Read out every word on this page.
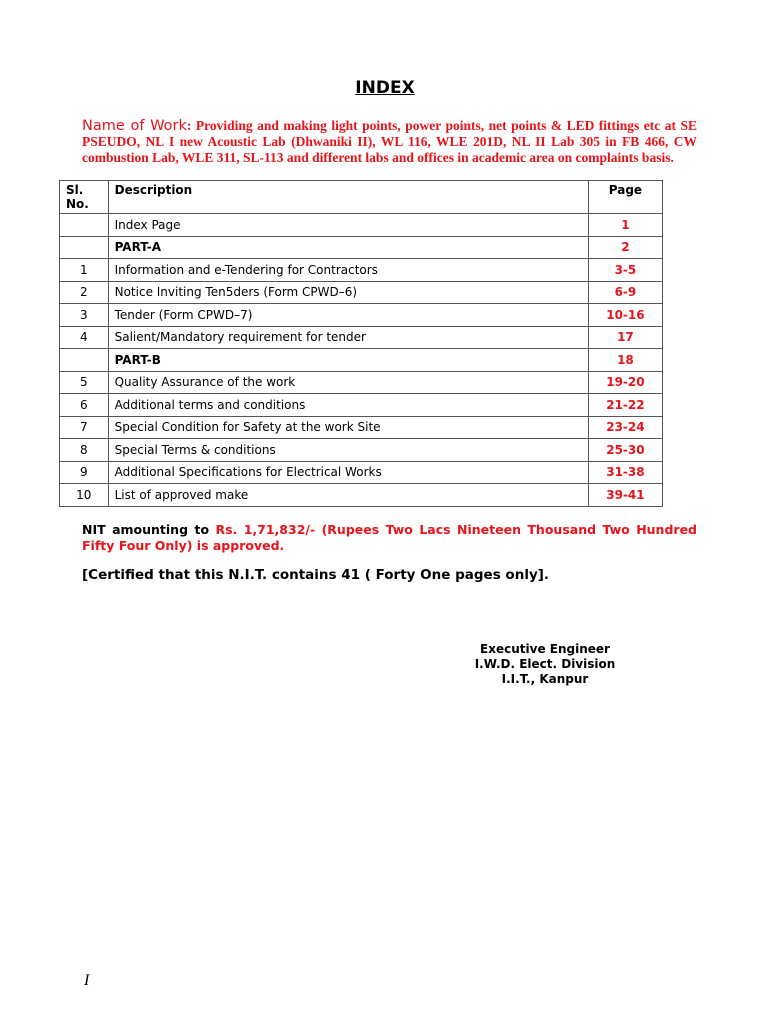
INDEX
Name of Work: Providing and making light points, power points, net points & LED fittings etc at SE PSEUDO, NL I new Acoustic Lab (Dhwaniki II), WL 116, WLE 201D, NL II Lab 305 in FB 466, CW combustion Lab, WLE 311, SL-113 and different labs and offices in academic area on complaints basis.
Sl. No.	Description	Page
	Index Page	1
	PART-A	2
1	Information and e-Tendering for Contractors	3-5
2	Notice Inviting Ten5ders (Form CPWD–6)	6-9
3	Tender (Form CPWD–7)	10-16
4	Salient/Mandatory requirement for tender	17
	PART-B	18
5	Quality Assurance of the work	19-20
6	Additional terms and conditions	21-22
7	Special Condition for Safety at the work Site	23-24
8	Special Terms & conditions	25-30
9	Additional Specifications for Electrical Works	31-38
10	List of approved make	39-41
NIT amounting to Rs. 1,71,832/- (Rupees Two Lacs Nineteen Thousand Two Hundred Fifty Four Only) is approved.
[Certified that this N.I.T. contains 41 ( Forty One pages only].
Executive Engineer
I.W.D. Elect. Division
I.I.T., Kanpur
I
